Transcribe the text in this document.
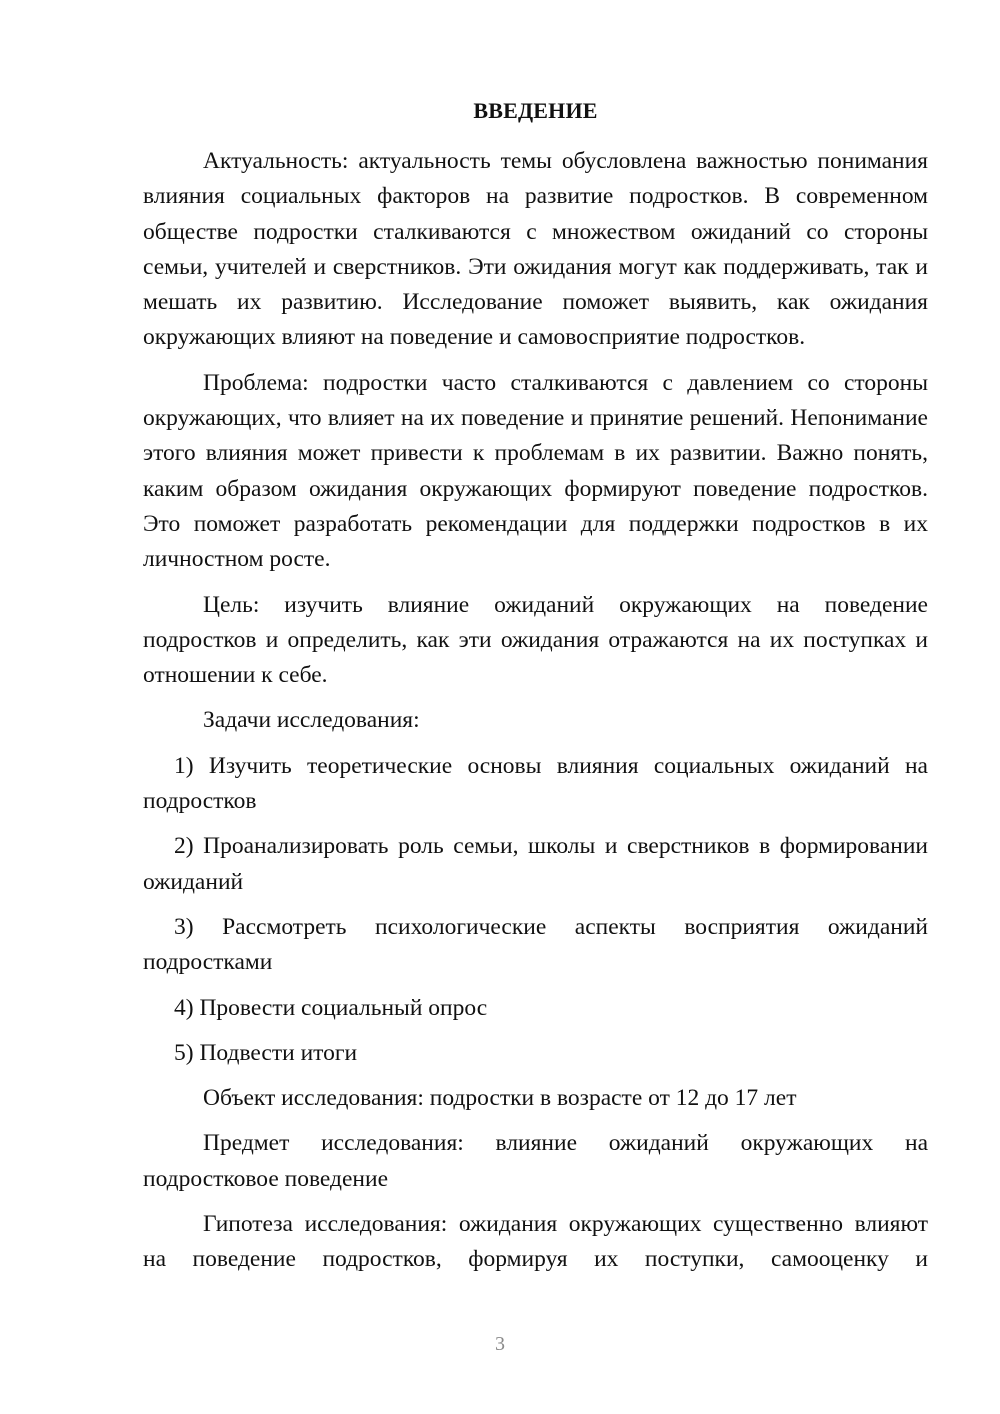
ВВЕДЕНИЕ
Актуальность: актуальность темы обусловлена важностью понимания влияния социальных факторов на развитие подростков. В современном обществе подростки сталкиваются с множеством ожиданий со стороны семьи, учителей и сверстников. Эти ожидания могут как поддерживать, так и мешать их развитию. Исследование поможет выявить, как ожидания окружающих влияют на поведение и самовосприятие подростков.
Проблема: подростки часто сталкиваются с давлением со стороны окружающих, что влияет на их поведение и принятие решений. Непонимание этого влияния может привести к проблемам в их развитии. Важно понять, каким образом ожидания окружающих формируют поведение подростков. Это поможет разработать рекомендации для поддержки подростков в их личностном росте.
Цель: изучить влияние ожиданий окружающих на поведение подростков и определить, как эти ожидания отражаются на их поступках и отношении к себе.
Задачи исследования:
1) Изучить теоретические основы влияния социальных ожиданий на подростков
2) Проанализировать роль семьи, школы и сверстников в формировании ожиданий
3) Рассмотреть психологические аспекты восприятия ожиданий подростками
4) Провести социальный опрос
5) Подвести итоги
Объект исследования: подростки в возрасте от 12 до 17 лет
Предмет исследования: влияние ожиданий окружающих на подростковое поведение
Гипотеза исследования: ожидания окружающих существенно влияют на поведение подростков, формируя их поступки, самооценку и
3
